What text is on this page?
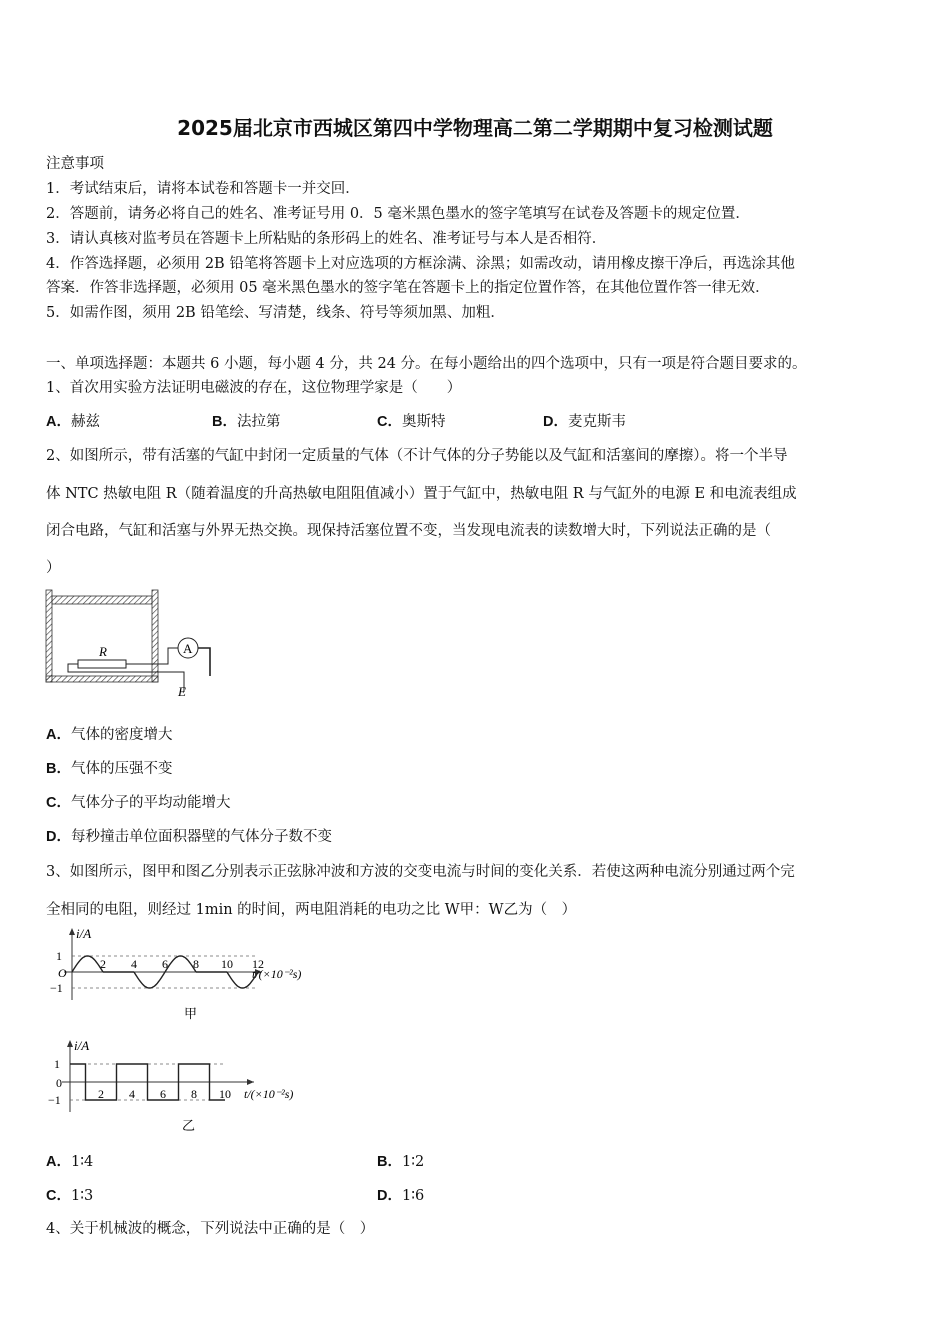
2025届北京市西城区第四中学物理高二第二学期期中复习检测试题
注意事项
1．考试结束后，请将本试卷和答题卡一并交回．
2．答题前，请务必将自己的姓名、准考证号用 0．5 毫米黑色墨水的签字笔填写在试卷及答题卡的规定位置．
3．请认真核对监考员在答题卡上所粘贴的条形码上的姓名、准考证号与本人是否相符．
4．作答选择题，必须用 2B 铅笔将答题卡上对应选项的方框涂满、涂黑；如需改动，请用橡皮擦干净后，再选涂其他
答案．作答非选择题，必须用 05 毫米黑色墨水的签字笔在答题卡上的指定位置作答，在其他位置作答一律无效．
5．如需作图，须用 2B 铅笔绘、写清楚，线条、符号等须加黑、加粗．
一、单项选择题：本题共 6 小题，每小题 4 分，共 24 分。在每小题给出的四个选项中，只有一项是符合题目要求的。
1、首次用实验方法证明电磁波的存在，这位物理学家是（　　）
A．赫兹	B．法拉第	C．奥斯特	D．麦克斯韦
2、如图所示，带有活塞的气缸中封闭一定质量的气体（不计气体的分子势能以及气缸和活塞间的摩擦）。将一个半导
体 NTC 热敏电阻 R（随着温度的升高热敏电阻阻值减小）置于气缸中，热敏电阻 R 与气缸外的电源 E 和电流表组成
闭合电路，气缸和活塞与外界无热交换。现保持活塞位置不变，当发现电流表的读数增大时，下列说法正确的是（
）
R	A
E
A．气体的密度增大
B．气体的压强不变
C．气体分子的平均动能增大
D．每秒撞击单位面积器壁的气体分子数不变
3、如图所示，图甲和图乙分别表示正弦脉冲波和方波的交变电流与时间的变化关系．若使这两种电流分别通过两个完
全相同的电阻，则经过 1min 的时间，两电阻消耗的电功之比 W甲：W乙为（　）
i/A
1
−1
O
2 4 6 8 10 12
t/(×10⁻²s)
甲
i/A
1
−1
0
2 4 6 8 10 t/(×10⁻²s)
乙
A．1∶4	B．1∶2
C．1∶3	D．1∶6
4、关于机械波的概念，下列说法中正确的是（　）
